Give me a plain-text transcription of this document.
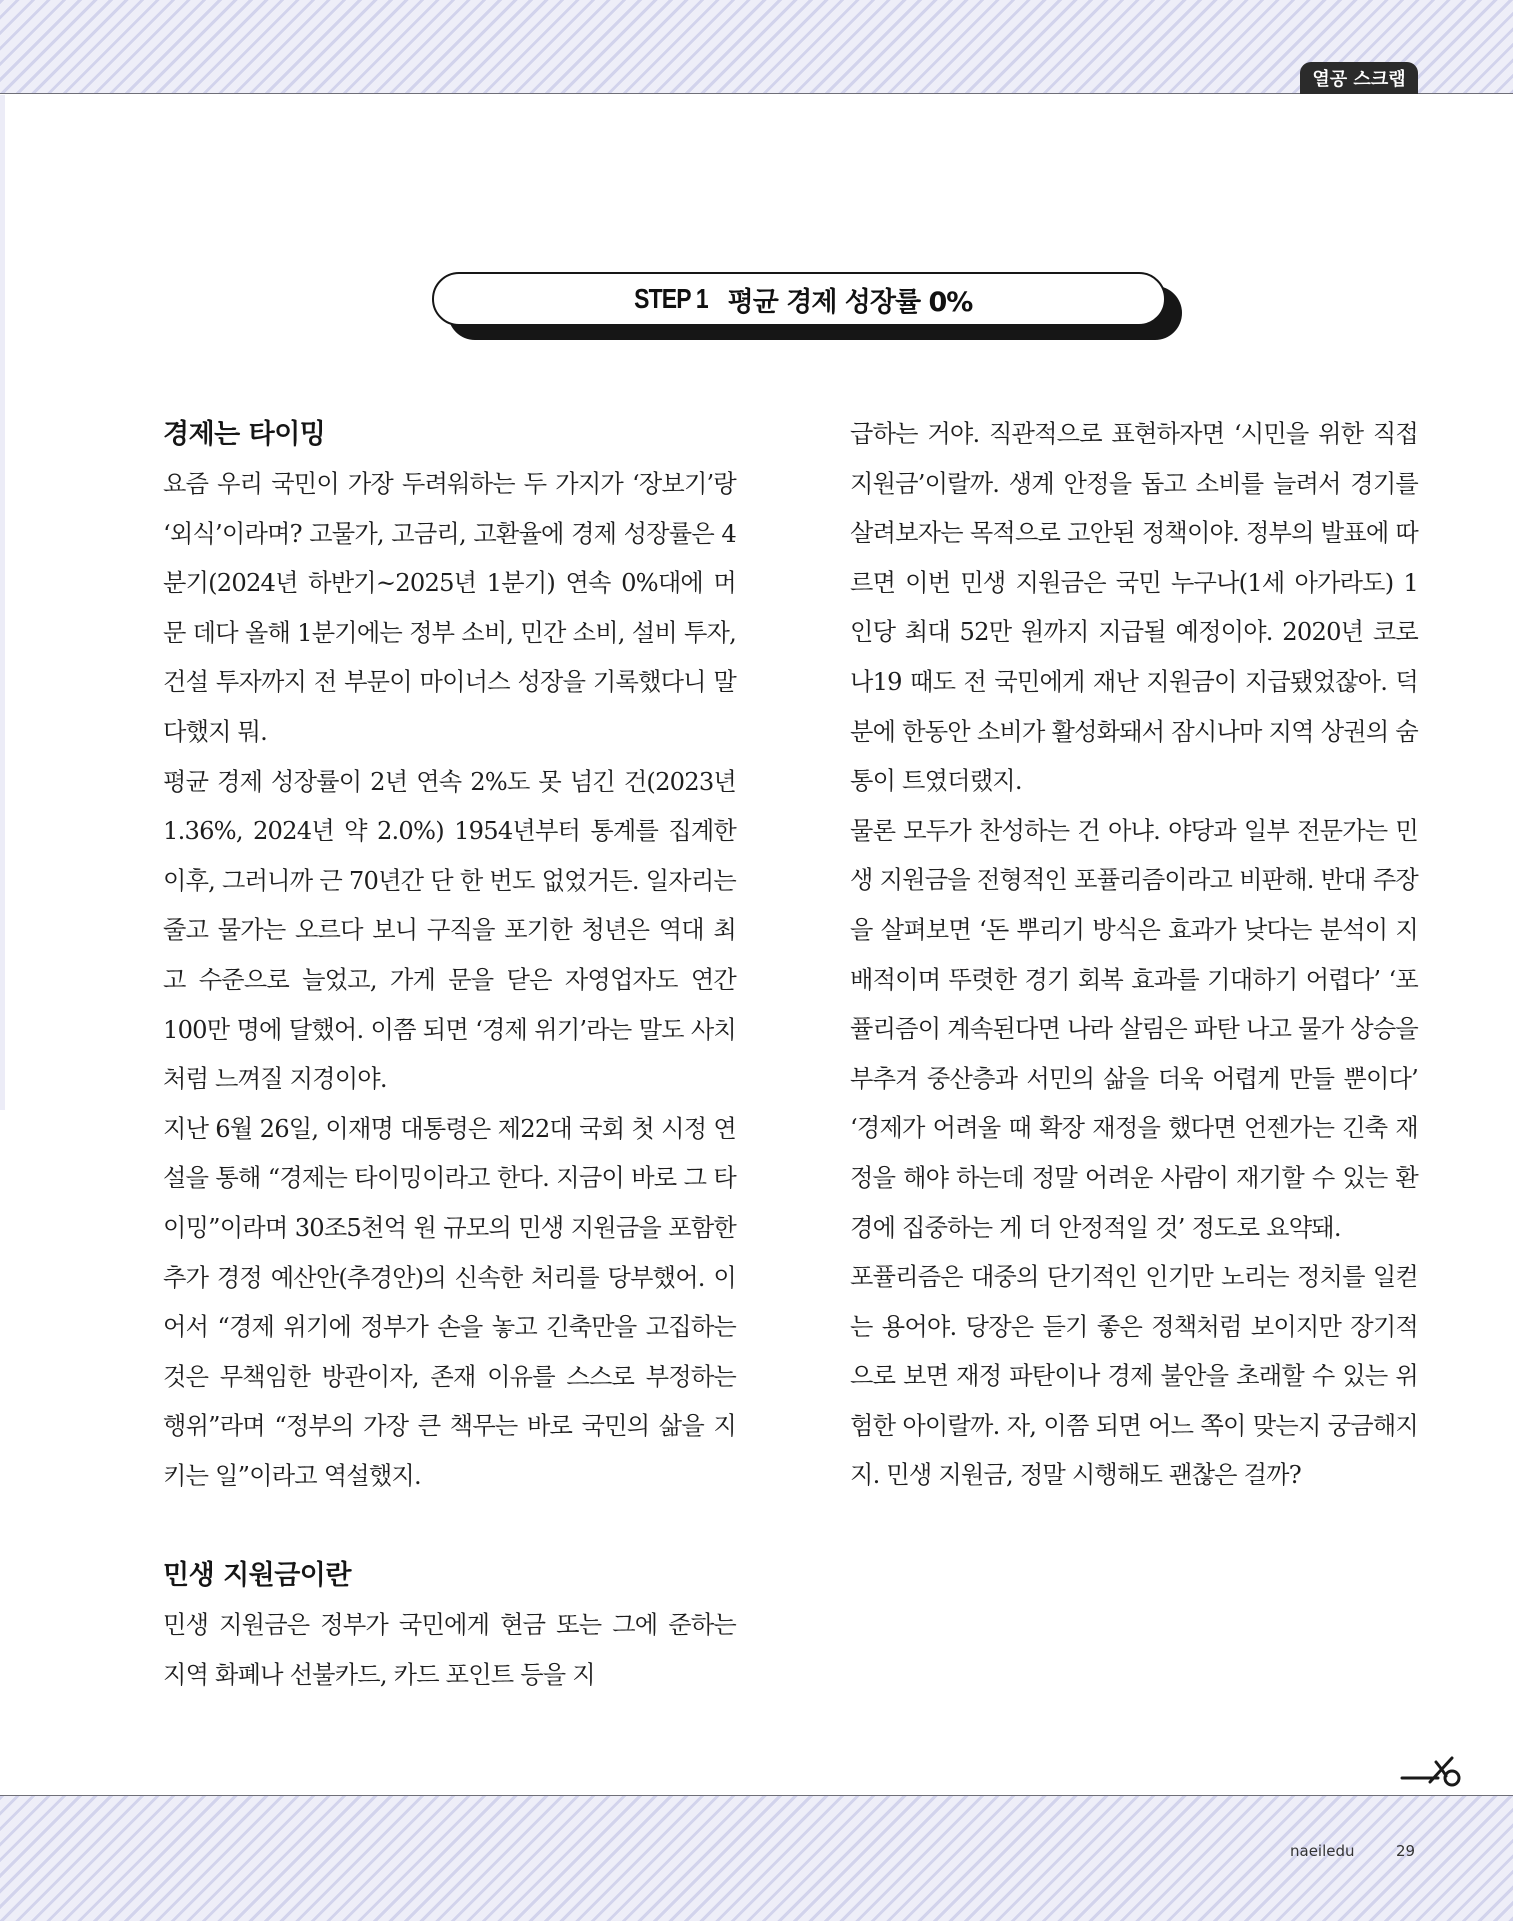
열공 스크랩
STEP 1 평균 경제 성장률 0%
경제는 타이밍

요즘 우리 국민이 가장 두려워하는 두 가지가 ‘장보기’랑 ‘외식’이라며? 고물가, 고금리, 고환율에 경제 성장률은 4분기(2024년 하반기~2025년 1분기) 연속 0%대에 머문 데다 올해 1분기에는 정부 소비, 민간 소비, 설비 투자, 건설 투자까지 전 부문이 마이너스 성장을 기록했다니 말 다했지 뭐.

평균 경제 성장률이 2년 연속 2%도 못 넘긴 건(2023년 1.36%, 2024년 약 2.0%) 1954년부터 통계를 집계한 이후, 그러니까 근 70년간 단 한 번도 없었거든. 일자리는 줄고 물가는 오르다 보니 구직을 포기한 청년은 역대 최고 수준으로 늘었고, 가게 문을 닫은 자영업자도 연간 100만 명에 달했어. 이쯤 되면 ‘경제 위기’라는 말도 사치처럼 느껴질 지경이야.

지난 6월 26일, 이재명 대통령은 제22대 국회 첫 시정 연설을 통해 “경제는 타이밍이라고 한다. 지금이 바로 그 타이밍”이라며 30조5천억 원 규모의 민생 지원금을 포함한 추가 경정 예산안(추경안)의 신속한 처리를 당부했어. 이어서 “경제 위기에 정부가 손을 놓고 긴축만을 고집하는 것은 무책임한 방관이자, 존재 이유를 스스로 부정하는 행위”라며 “정부의 가장 큰 책무는 바로 국민의 삶을 지키는 일”이라고 역설했지.

민생 지원금이란

민생 지원금은 정부가 국민에게 현금 또는 그에 준하는 지역 화폐나 선불카드, 카드 포인트 등을 지

급하는 거야. 직관적으로 표현하자면 ‘시민을 위한 직접 지원금’이랄까. 생계 안정을 돕고 소비를 늘려서 경기를 살려보자는 목적으로 고안된 정책이야. 정부의 발표에 따르면 이번 민생 지원금은 국민 누구나(1세 아가라도) 1인당 최대 52만 원까지 지급될 예정이야. 2020년 코로나19 때도 전 국민에게 재난 지원금이 지급됐었잖아. 덕분에 한동안 소비가 활성화돼서 잠시나마 지역 상권의 숨통이 트였더랬지.

물론 모두가 찬성하는 건 아냐. 야당과 일부 전문가는 민생 지원금을 전형적인 포퓰리즘이라고 비판해. 반대 주장을 살펴보면 ‘돈 뿌리기 방식은 효과가 낮다는 분석이 지배적이며 뚜렷한 경기 회복 효과를 기대하기 어렵다’ ‘포퓰리즘이 계속된다면 나라 살림은 파탄 나고 물가 상승을 부추겨 중산층과 서민의 삶을 더욱 어렵게 만들 뿐이다’ ‘경제가 어려울 때 확장 재정을 했다면 언젠가는 긴축 재정을 해야 하는데 정말 어려운 사람이 재기할 수 있는 환경에 집중하는 게 더 안정적일 것’ 정도로 요약돼.

포퓰리즘은 대중의 단기적인 인기만 노리는 정치를 일컫는 용어야. 당장은 듣기 좋은 정책처럼 보이지만 장기적으로 보면 재정 파탄이나 경제 불안을 초래할 수 있는 위험한 아이랄까. 자, 이쯤 되면 어느 쪽이 맞는지 궁금해지지. 민생 지원금, 정말 시행해도 괜찮은 걸까?

naeiledu	29
